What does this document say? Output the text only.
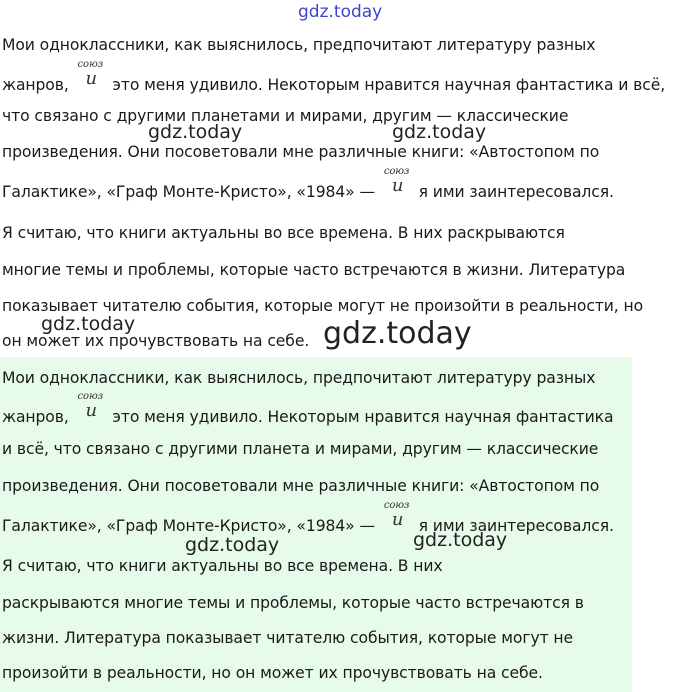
Мои одноклассники, как выяснилось, предпочитают литературу разных
жанров,
союз
и это меня удивило. Некоторым нравится научная фантастика и всё,
что связано с другими планетами и мирами, другим — классические
произведения. Они посоветовали мне различные книги: «Автостопом по
Галактике», «Граф Монте-Кристо», «1984» —
союз
и я ими заинтересовался.
Я считаю, что книги актуальны во все времена. В них раскрываются
многие темы и проблемы, которые часто встречаются в жизни. Литература
показывает читателю события, которые могут не произойти в реальности, но
он может их прочувствовать на себе.
Мои одноклассники, как выяснилось, предпочитают литературу разных
жанров,
союз
и это меня удивило. Некоторым нравится научная фантастика
и всё, что связано с другими планета и мирами, другим — классические
произведения. Они посоветовали мне различные книги: «Автостопом по
Галактике», «Граф Монте-Кристо», «1984» —
союз
и я ими заинтересовался.
Я считаю, что книги актуальны во все времена. В них
раскрываются многие темы и проблемы, которые часто встречаются в
жизни. Литература показывает читателю события, которые могут не
произойти в реальности, но он может их прочувствовать на себе.
gdz.today
gdz.today	gdz.today
gdz.today	gdz.today
gdz.today	gdz.today
